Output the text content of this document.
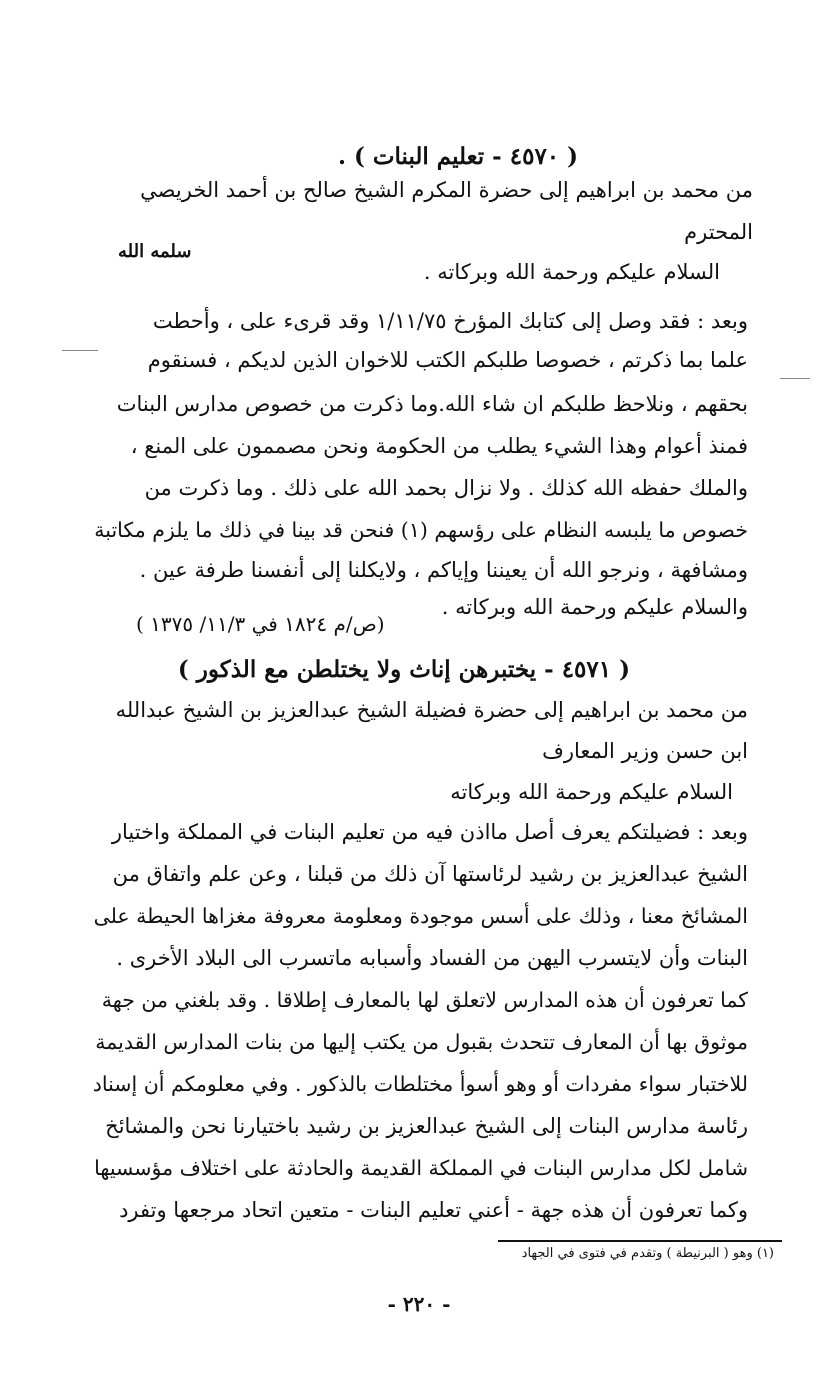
( ٤٥٧٠ - تعليم البنات ) .
من محمد بن ابراهيم إلى حضرة المكرم الشيخ صالح بن أحمد الخريصي
المحترم
سلمه الله
السلام عليكم ورحمة الله وبركاته .
وبعد : فقد وصل إلى كتابك المؤرخ ١/١١/٧٥ وقد قرىء على ، وأحطت
علما بما ذكرتم ، خصوصا طلبكم الكتب للاخوان الذين لديكم ، فسنقوم
بحقهم ، ونلاحظ طلبكم ان شاء الله.وما ذكرت من خصوص مدارس البنات
فمنذ أعوام وهذا الشيء يطلب من الحكومة ونحن مصممون على المنع ،
والملك حفظه الله كذلك . ولا نزال بحمد الله على ذلك . وما ذكرت من
خصوص ما يلبسه النظام على رؤسهم (١) فنحن قد بينا في ذلك ما يلزم مكاتبة
ومشافهة ، ونرجو الله أن يعيننا وإياكم ، ولايكلنا إلى أنفسنا طرفة عين .
والسلام عليكم ورحمة الله وبركاته .
(ص/م ١٨٢٤ في ١١/٣/ ١٣٧٥ )
( ٤٥٧١ - يختبرهن إناث ولا يختلطن مع الذكور )
من محمد بن ابراهيم إلى حضرة فضيلة الشيخ عبدالعزيز بن الشيخ عبدالله
ابن حسن وزير المعارف
السلام عليكم ورحمة الله وبركاته
وبعد : فضيلتكم يعرف أصل مااذن فيه من تعليم البنات في المملكة واختيار
الشيخ عبدالعزيز بن رشيد لرئاستها آن ذلك من قبلنا ، وعن علم واتفاق من
المشائخ معنا ، وذلك على أسس موجودة ومعلومة معروفة مغزاها الحيطة على
البنات وأن لايتسرب اليهن من الفساد وأسبابه ماتسرب الى البلاد الأخرى .
كما تعرفون أن هذه المدارس لاتعلق لها بالمعارف إطلاقا . وقد بلغني من جهة
موثوق بها أن المعارف تتحدث بقبول من يكتب إليها من بنات المدارس القديمة
للاختبار سواء مفردات أو وهو أسوأ مختلطات بالذكور . وفي معلومكم أن إسناد
رئاسة مدارس البنات إلى الشيخ عبدالعزيز بن رشيد باختيارنا نحن والمشائخ
شامل لكل مدارس البنات في المملكة القديمة والحادثة على اختلاف مؤسسيها
وكما تعرفون أن هذه جهة - أعني تعليم البنات - متعين اتحاد مرجعها وتفرد
(١) وهو ( البرنيطة ) وتقدم في فتوى في الجهاد
- ٢٢٠ -
